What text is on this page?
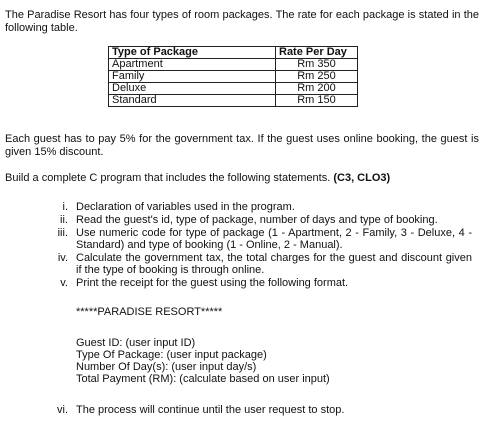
The Paradise Resort has four types of room packages. The rate for each package is stated in the following table.

Type of Package	Rate Per Day
Apartment	Rm 350
Family	Rm 250
Deluxe	Rm 200
Standard	Rm 150

Each guest has to pay 5% for the government tax. If the guest uses online booking, the guest is given 15% discount.

Build a complete C program that includes the following statements. (C3, CLO3)

i. Declaration of variables used in the program.
ii. Read the guest's id, type of package, number of days and type of booking.
iii. Use numeric code for type of package (1 - Apartment, 2 - Family, 3 - Deluxe, 4 - Standard) and type of booking (1 - Online, 2 - Manual).
iv. Calculate the government tax, the total charges for the guest and discount given if the type of booking is through online.
v. Print the receipt for the guest using the following format.
*****PARADISE RESORT*****
Guest ID: (user input ID)
Type Of Package: (user input package)
Number Of Day(s): (user input day/s)
Total Payment (RM): (calculate based on user input)
vi. The process will continue until the user request to stop.
